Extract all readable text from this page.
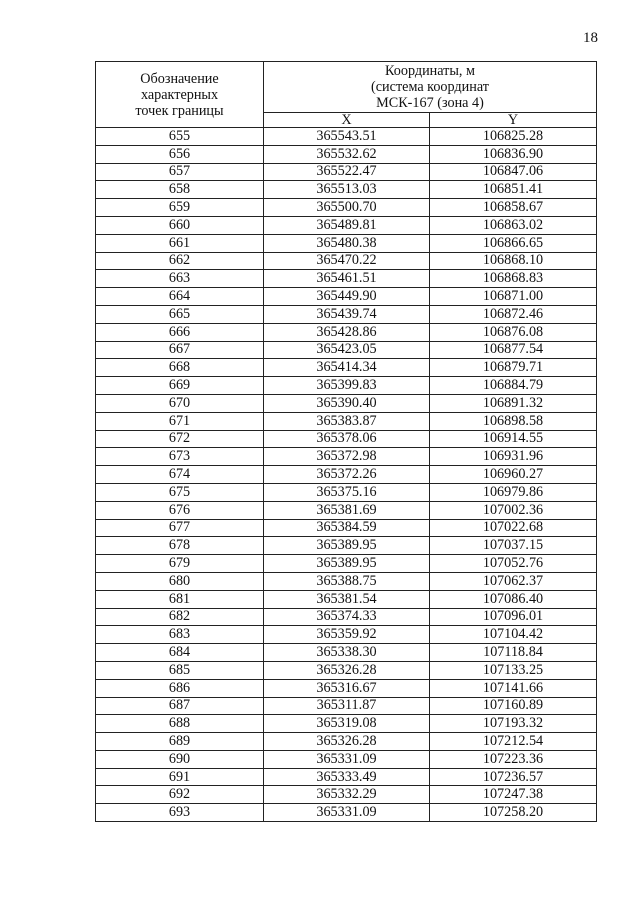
18
Обозначение
характерных
точек границы	Координаты, м
(система координат
МСК-167 (зона 4)	

	X	Y
655	365543.51	106825.28
656	365532.62	106836.90
657	365522.47	106847.06
658	365513.03	106851.41
659	365500.70	106858.67
660	365489.81	106863.02
661	365480.38	106866.65
662	365470.22	106868.10
663	365461.51	106868.83
664	365449.90	106871.00
665	365439.74	106872.46
666	365428.86	106876.08
667	365423.05	106877.54
668	365414.34	106879.71
669	365399.83	106884.79
670	365390.40	106891.32
671	365383.87	106898.58
672	365378.06	106914.55
673	365372.98	106931.96
674	365372.26	106960.27
675	365375.16	106979.86
676	365381.69	107002.36
677	365384.59	107022.68
678	365389.95	107037.15
679	365389.95	107052.76
680	365388.75	107062.37
681	365381.54	107086.40
682	365374.33	107096.01
683	365359.92	107104.42
684	365338.30	107118.84
685	365326.28	107133.25
686	365316.67	107141.66
687	365311.87	107160.89
688	365319.08	107193.32
689	365326.28	107212.54
690	365331.09	107223.36
691	365333.49	107236.57
692	365332.29	107247.38
693	365331.09	107258.20
